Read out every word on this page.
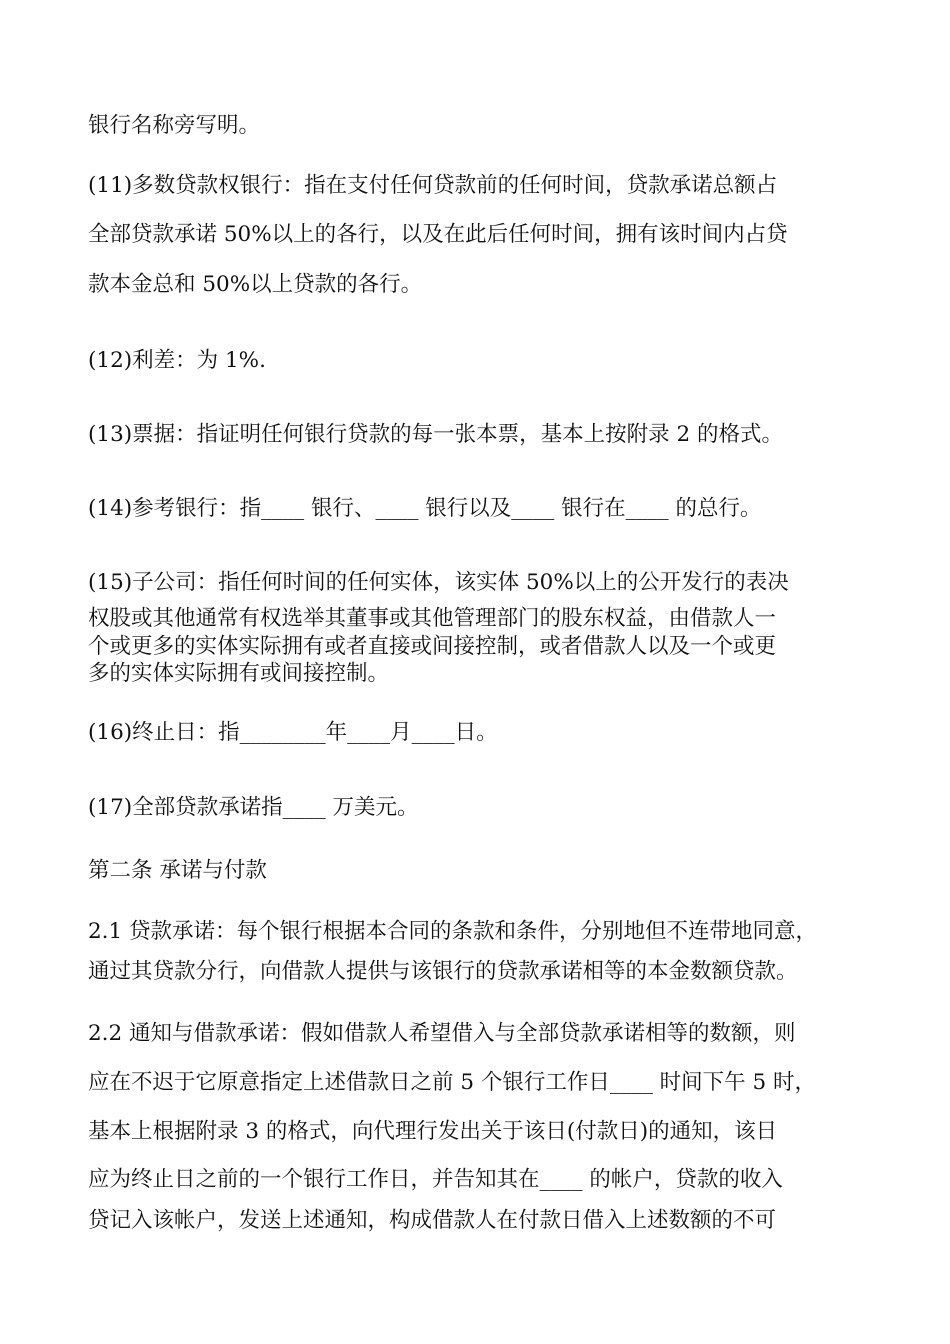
银行名称旁写明。
(11)多数贷款权银行：指在支付任何贷款前的任何时间，贷款承诺总额占
全部贷款承诺 50%以上的各行，以及在此后任何时间，拥有该时间内占贷
款本金总和 50%以上贷款的各行。
(12)利差：为 1%.
(13)票据：指证明任何银行贷款的每一张本票，基本上按附录 2 的格式。
(14)参考银行：指____ 银行、____ 银行以及____ 银行在____ 的总行。
(15)子公司：指任何时间的任何实体，该实体 50%以上的公开发行的表决
权股或其他通常有权选举其董事或其他管理部门的股东权益，由借款人一
个或更多的实体实际拥有或者直接或间接控制，或者借款人以及一个或更
多的实体实际拥有或间接控制。
(16)终止日：指________年____月____日。
(17)全部贷款承诺指____ 万美元。
第二条 承诺与付款
2.1 贷款承诺：每个银行根据本合同的条款和条件，分别地但不连带地同意，
通过其贷款分行，向借款人提供与该银行的贷款承诺相等的本金数额贷款。
2.2 通知与借款承诺：假如借款人希望借入与全部贷款承诺相等的数额，则
应在不迟于它原意指定上述借款日之前 5 个银行工作日____ 时间下午 5 时，
基本上根据附录 3 的格式，向代理行发出关于该日(付款日)的通知，该日
应为终止日之前的一个银行工作日，并告知其在____ 的帐户，贷款的收入
贷记入该帐户，发送上述通知，构成借款人在付款日借入上述数额的不可
